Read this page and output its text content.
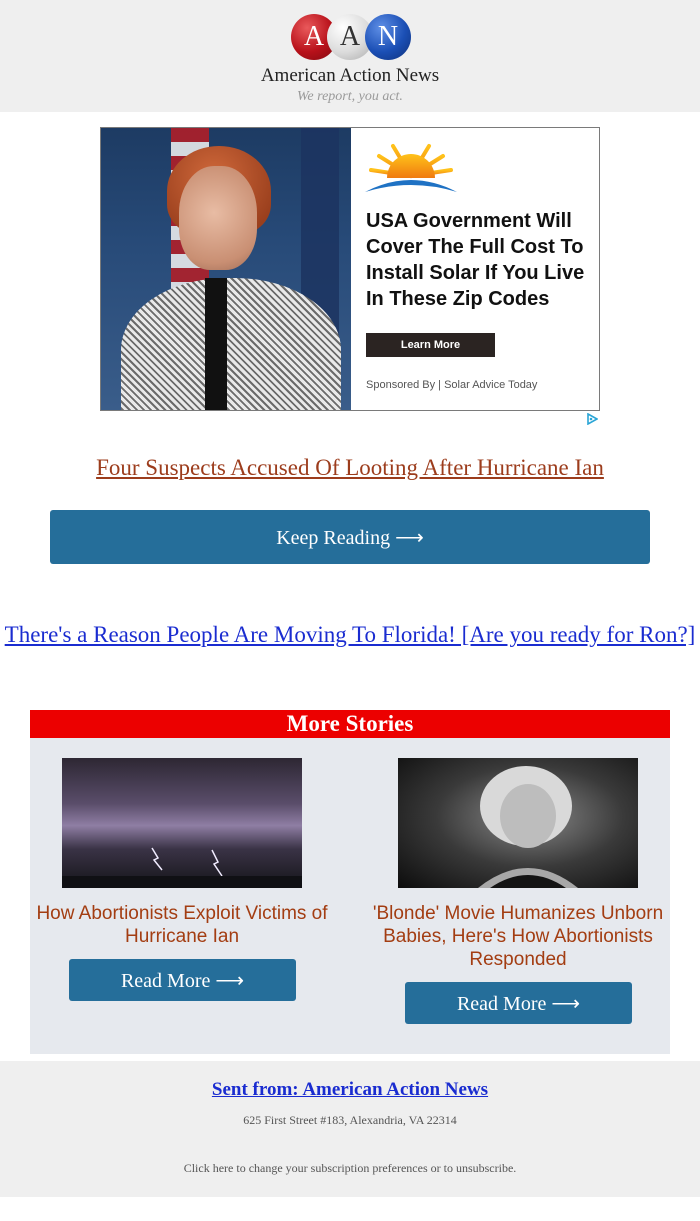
A A N
American Action News
We report, you act.
USA Government Will Cover The Full Cost To Install Solar If You Live In These Zip Codes
Learn More
Sponsored By | Solar Advice Today
Four Suspects Accused Of Looting After Hurricane Ian
Keep Reading ⟶
There's a Reason People Are Moving To Florida! [Are you ready for Ron?]
More Stories
How Abortionists Exploit Victims of Hurricane Ian
Read More ⟶
'Blonde' Movie Humanizes Unborn Babies, Here's How Abortionists Responded
Read More ⟶
Sent from: American Action News
625 First Street #183, Alexandria, VA 22314
Click here to change your subscription preferences or to unsubscribe.
